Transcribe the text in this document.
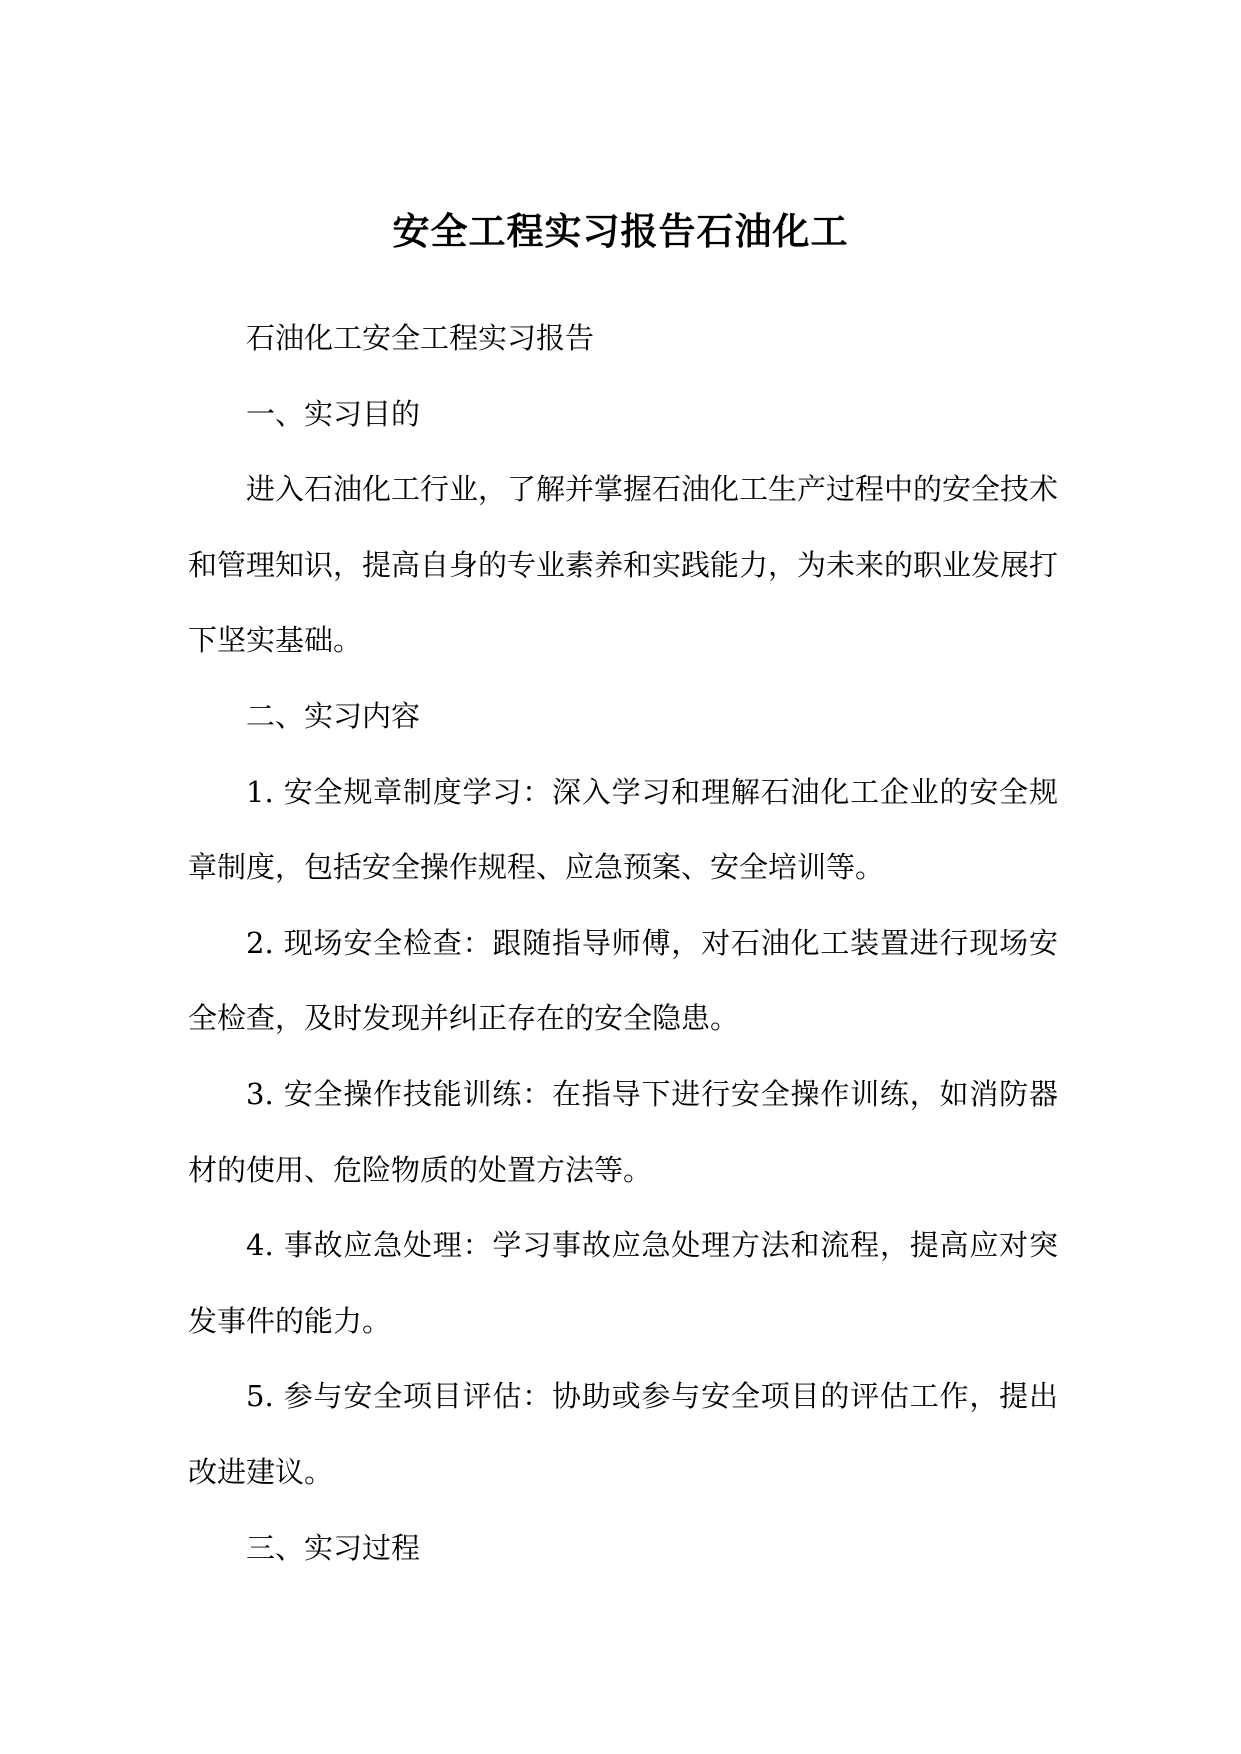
安全工程实习报告石油化工

石油化工安全工程实习报告

一、实习目的

进入石油化工行业，了解并掌握石油化工生产过程中的安全技术和管理知识，提高自身的专业素养和实践能力，为未来的职业发展打下坚实基础。

二、实习内容

1. 安全规章制度学习：深入学习和理解石油化工企业的安全规章制度，包括安全操作规程、应急预案、安全培训等。

2. 现场安全检查：跟随指导师傅，对石油化工装置进行现场安全检查，及时发现并纠正存在的安全隐患。

3. 安全操作技能训练：在指导下进行安全操作训练，如消防器材的使用、危险物质的处置方法等。

4. 事故应急处理：学习事故应急处理方法和流程，提高应对突发事件的能力。

5. 参与安全项目评估：协助或参与安全项目的评估工作，提出改进建议。

三、实习过程
